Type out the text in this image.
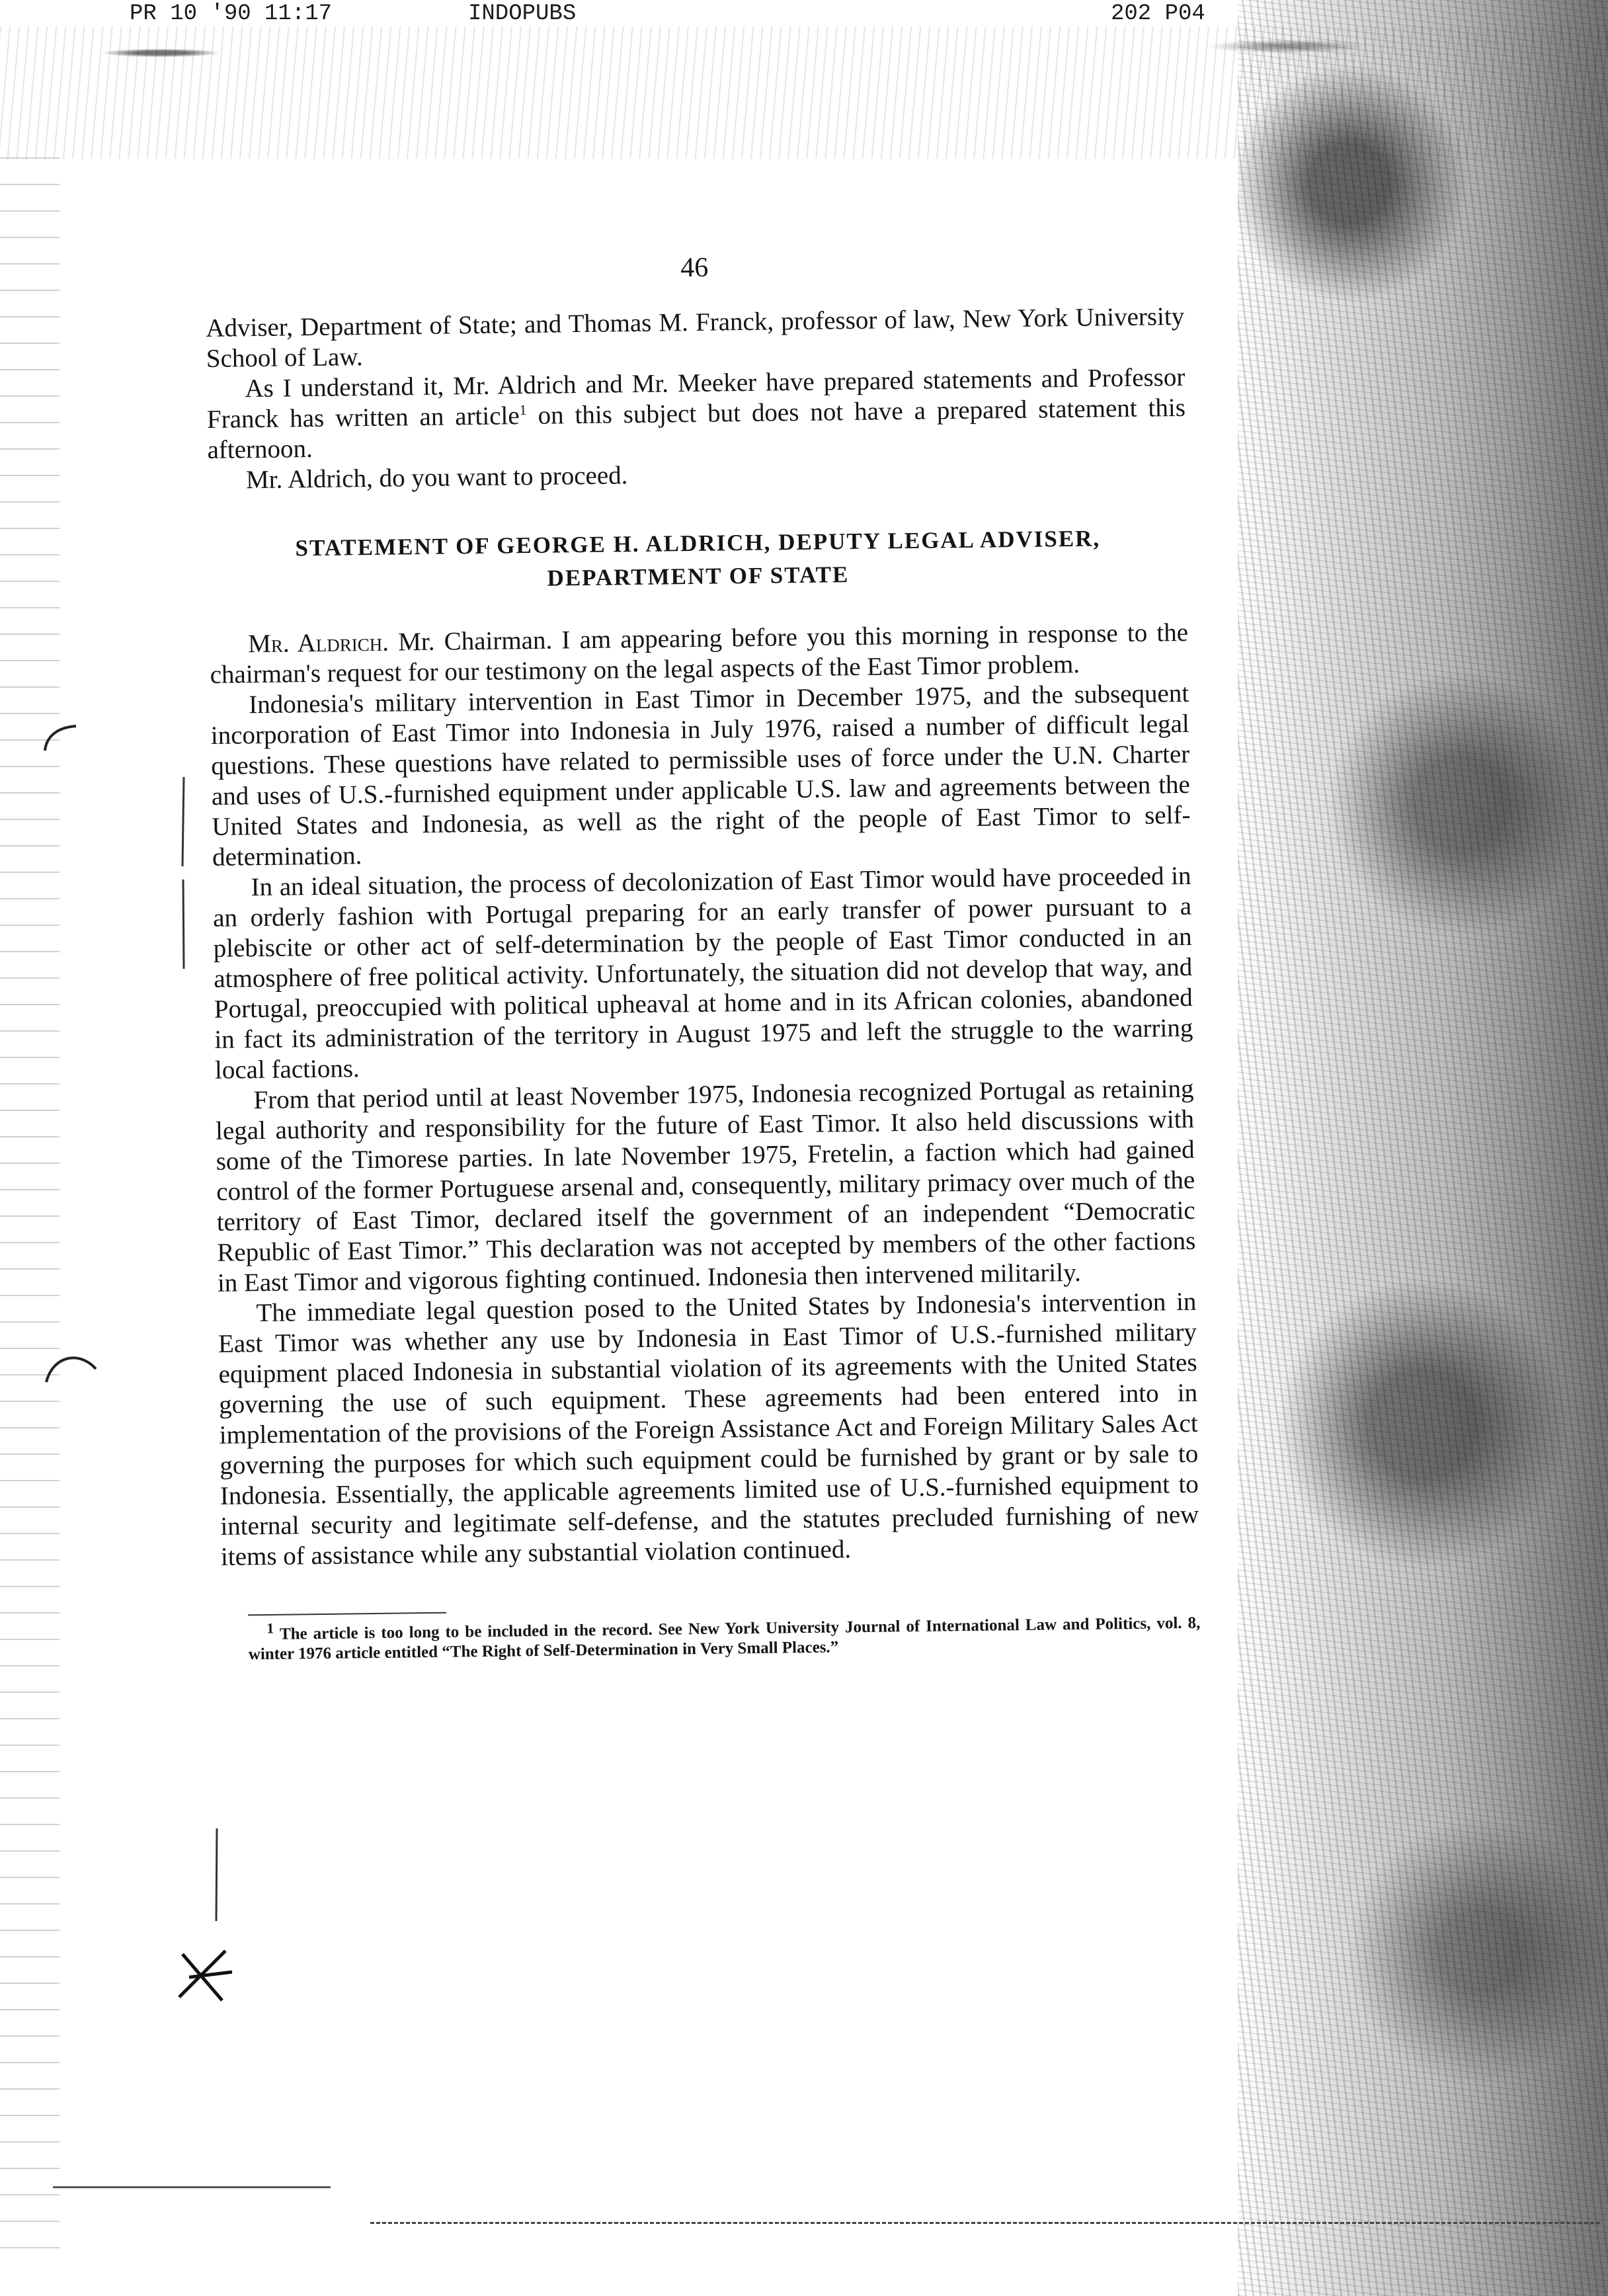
PR 10 '90 11:17	INDOPUBS	202 P04
46

Adviser, Department of State; and Thomas M. Franck, professor of law, New York University School of Law.

As I understand it, Mr. Aldrich and Mr. Meeker have prepared statements and Professor Franck has written an article$^1$ on this subject but does not have a prepared statement this afternoon.

Mr. Aldrich, do you want to proceed.

STATEMENT OF GEORGE H. ALDRICH, DEPUTY LEGAL ADVISER,
DEPARTMENT OF STATE

Mr. Aldrich. Mr. Chairman. I am appearing before you this morning in response to the chairman's request for our testimony on the legal aspects of the East Timor problem.

Indonesia's military intervention in East Timor in December 1975, and the subsequent incorporation of East Timor into Indonesia in July 1976, raised a number of difficult legal questions. These questions have related to permissible uses of force under the U.N. Charter and uses of U.S.-furnished equipment under applicable U.S. law and agreements between the United States and Indonesia, as well as the right of the people of East Timor to self-determination.

In an ideal situation, the process of decolonization of East Timor would have proceeded in an orderly fashion with Portugal preparing for an early transfer of power pursuant to a plebiscite or other act of self-determination by the people of East Timor conducted in an atmosphere of free political activity. Unfortunately, the situation did not develop that way, and Portugal, preoccupied with political upheaval at home and in its African colonies, abandoned in fact its administration of the territory in August 1975 and left the struggle to the warring local factions.

From that period until at least November 1975, Indonesia recognized Portugal as retaining legal authority and responsibility for the future of East Timor. It also held discussions with some of the Timorese parties. In late November 1975, Fretelin, a faction which had gained control of the former Portuguese arsenal and, consequently, military primacy over much of the territory of East Timor, declared itself the government of an independent “Democratic Republic of East Timor.” This declaration was not accepted by members of the other factions in East Timor and vigorous fighting continued. Indonesia then intervened militarily.

The immediate legal question posed to the United States by Indonesia's intervention in East Timor was whether any use by Indonesia in East Timor of U.S.-furnished military equipment placed Indonesia in substantial violation of its agreements with the United States governing the use of such equipment. These agreements had been entered into in implementation of the provisions of the Foreign Assistance Act and Foreign Military Sales Act governing the purposes for which such equipment could be furnished by grant or by sale to Indonesia. Essentially, the applicable agreements limited use of U.S.-furnished equipment to internal security and legitimate self-defense, and the statutes precluded furnishing of new items of assistance while any substantial violation continued.

$^1$ The article is too long to be included in the record. See New York University Journal of International Law and Politics, vol. 8, winter 1976 article entitled “The Right of Self-Determination in Very Small Places.”
